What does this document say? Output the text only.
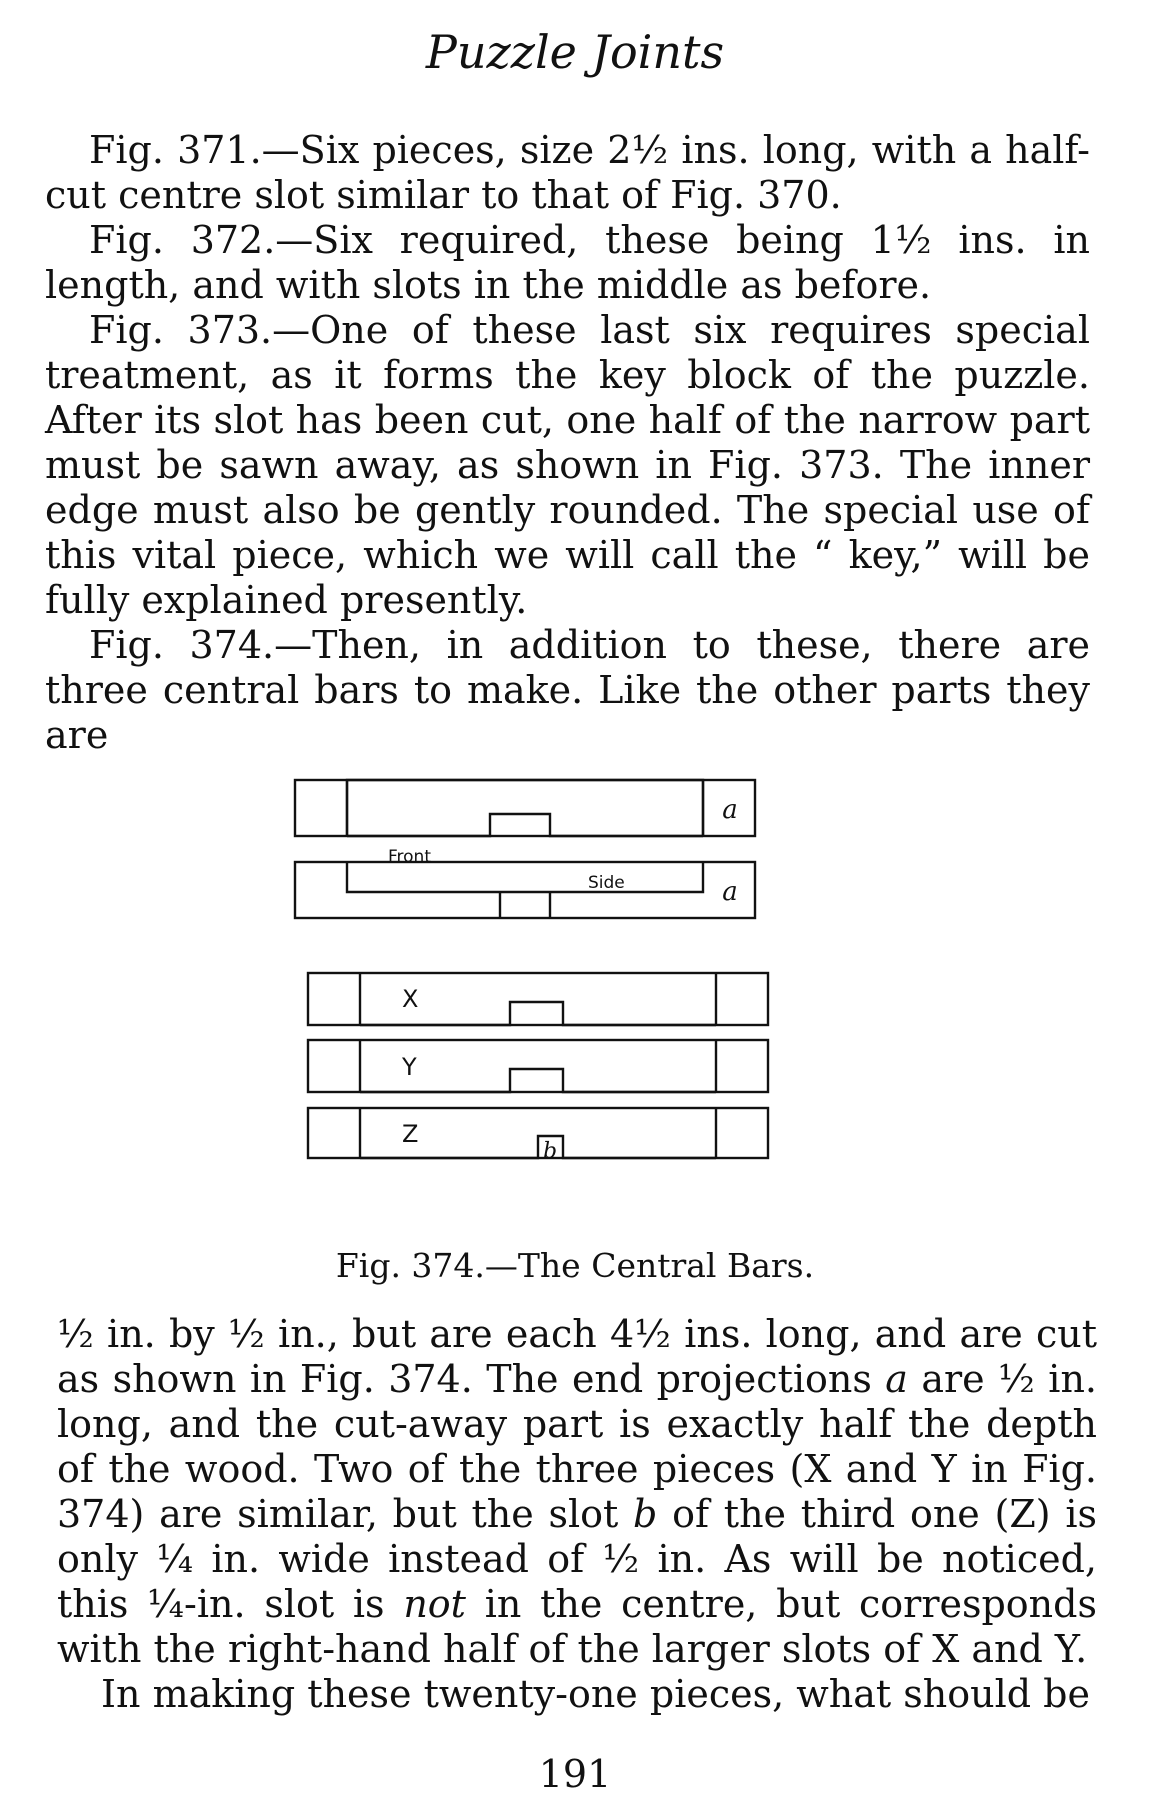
Puzzle Joints

Fig. 371.—Six pieces, size 2½ ins. long, with a half-cut centre slot similar to that of Fig. 370.

Fig. 372.—Six required, these being 1½ ins. in length, and with slots in the middle as before.

Fig. 373.—One of these last six requires special treatment, as it forms the key block of the puzzle. After its slot has been cut, one half of the narrow part must be sawn away, as shown in Fig. 373. The inner edge must also be gently rounded. The special use of this vital piece, which we will call the “ key,” will be fully explained presently.

Fig. 374.—Then, in addition to these, there are three central bars to make. Like the other parts they are

a
Front
Side	a
X
Y
Z
b
Fig. 374.—The Central Bars.

½ in. by ½ in., but are each 4½ ins. long, and are cut as shown in Fig. 374. The end projections a are ½ in. long, and the cut-away part is exactly half the depth of the wood. Two of the three pieces (X and Y in Fig. 374) are similar, but the slot b of the third one (Z) is only ¼ in. wide instead of ½ in. As will be noticed, this ¼-in. slot is not in the centre, but corresponds with the right-hand half of the larger slots of X and Y.

In making these twenty-one pieces, what should be

191
